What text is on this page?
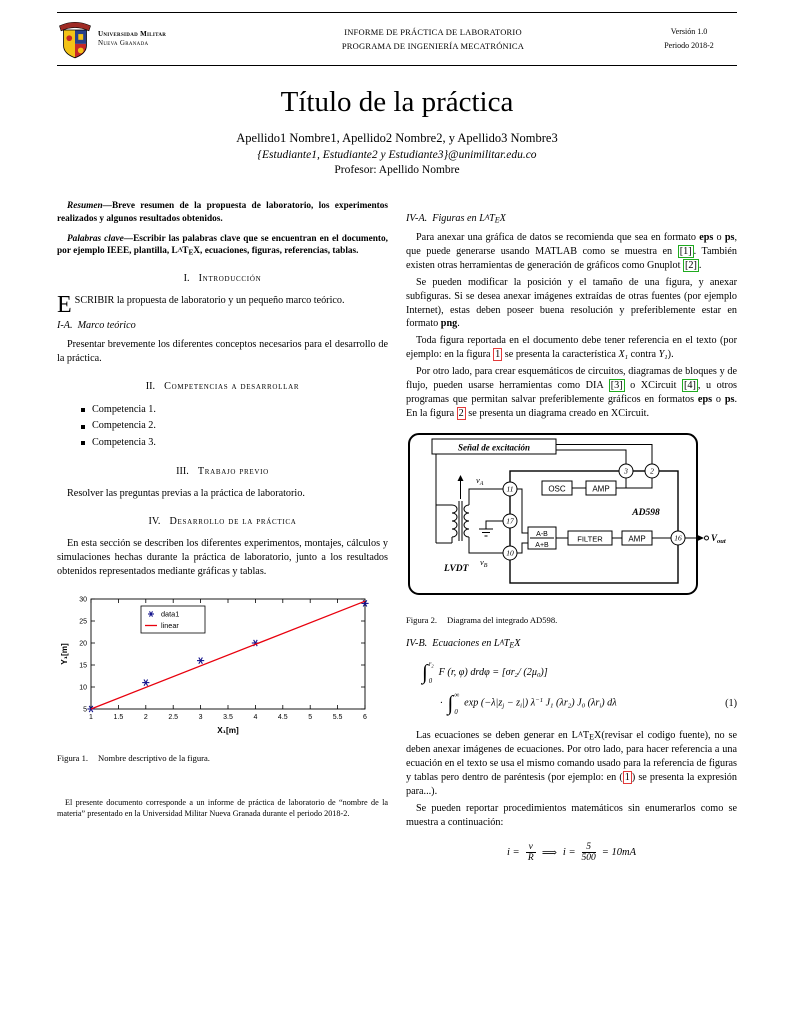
Universidad Militar
Nueva Granada
INFORME DE PRÁCTICA DE LABORATORIO
PROGRAMA DE INGENIERÍA MECATRÓNICA
Versión 1.0
Periodo 2018-2
Título de la práctica
Apellido1 Nombre1, Apellido2 Nombre2, y Apellido3 Nombre3
{Estudiante1, Estudiante2 y Estudiante3}@unimilitar.edu.co
Profesor: Apellido Nombre

Resumen—Breve resumen de la propuesta de laboratorio, los experimentos realizados y algunos resultados obtenidos.

Palabras clave—Escribir las palabras clave que se encuentran en el documento, por ejemplo IEEE, plantilla, LATEX, ecuaciones, figuras, referencias, tablas.

I. Introducción

ESCRIBIR la propuesta de laboratorio y un pequeño marco teórico.

I-A. Marco teórico

Presentar brevemente los diferentes conceptos necesarios para el desarrollo de la práctica.

II. Competencias a desarrollar
Competencia 1.
Competencia 2.
Competencia 3.
III. Trabajo previo

Resolver las preguntas previas a la práctica de laboratorio.

IV. Desarrollo de la práctica

En esta sección se describen los diferentes experimentos, montajes, cálculos y simulaciones hechas durante la práctica de laboratorio, junto a los resultados obtenidos representados mediante gráficas y tablas.

1	1.5	2	2.5	3	3.5	4	4.5	5	5.5	6
5
10
15
20
25
30
X₁[m]
Y₁[m]
data1
linear
Figura 1. Nombre descriptivo de la figura.
El presente documento corresponde a un informe de práctica de laboratorio de “nombre de la materia” presentado en la Universidad Militar Nueva Granada durante el periodo 2018-2.
IV-A. Figuras en LATEX

Para anexar una gráfica de datos se recomienda que sea en formato eps o ps, que puede generarse usando MATLAB como se muestra en [1] . También existen otras herramientas de generación de gráficos como Gnuplot [2] .

Se pueden modificar la posición y el tamaño de una figura, y anexar subfiguras. Si se desea anexar imágenes extraídas de otras fuentes (por ejemplo Internet), estas deben poseer buena resolución y preferiblemente estar en formato png.

Toda figura reportada en el documento debe tener referencia en el texto (por ejemplo: en la figura 1 se presenta la característica X1 contra Y1).

Por otro lado, para crear esquemáticos de circuitos, diagramas de bloques y de flujo, pueden usarse herramientas como DIA [3] o XCircuit [4] , u otros programas que permitan salvar preferiblemente gráficos en formatos eps o ps. En la figura 2 se presenta un diagrama creado en XCircuit.

Señal de excitación
OSC	AMP
A-B
A+B
FILTER	AMP
AD598
LVDT
$v_A$
$v_B$
$V_{out}$
11
17
10
3	2
16
Figura 2. Diagrama del integrado AD598.
IV-B. Ecuaciones en LATEX
∫ r2
0
F (r, φ) drdφ = [σr2/ (2μ0)]
· ∫ ∞
0
exp (−λ|zj − zi|) $\lambda^{-1}$ J1 (λr2) J0 (λri) dλ	(1)

Las ecuaciones se deben generar en LATEX(revisar el codigo fuente), no se deben anexar imágenes de ecuaciones. Por otro lado, para hacer referencia a una ecuación en el texto se usa el mismo comando usado para la referencia de figuras y tablas pero dentro de paréntesis (por ejemplo: en ( 1 ) se presenta la expresión para...).

Se pueden reportar procedimientos matemáticos sin enumerarlos como se muestra a continuación:

$i = \frac{v}{R}$ ⟹ $i = \frac{5}{500} = 10mA$
